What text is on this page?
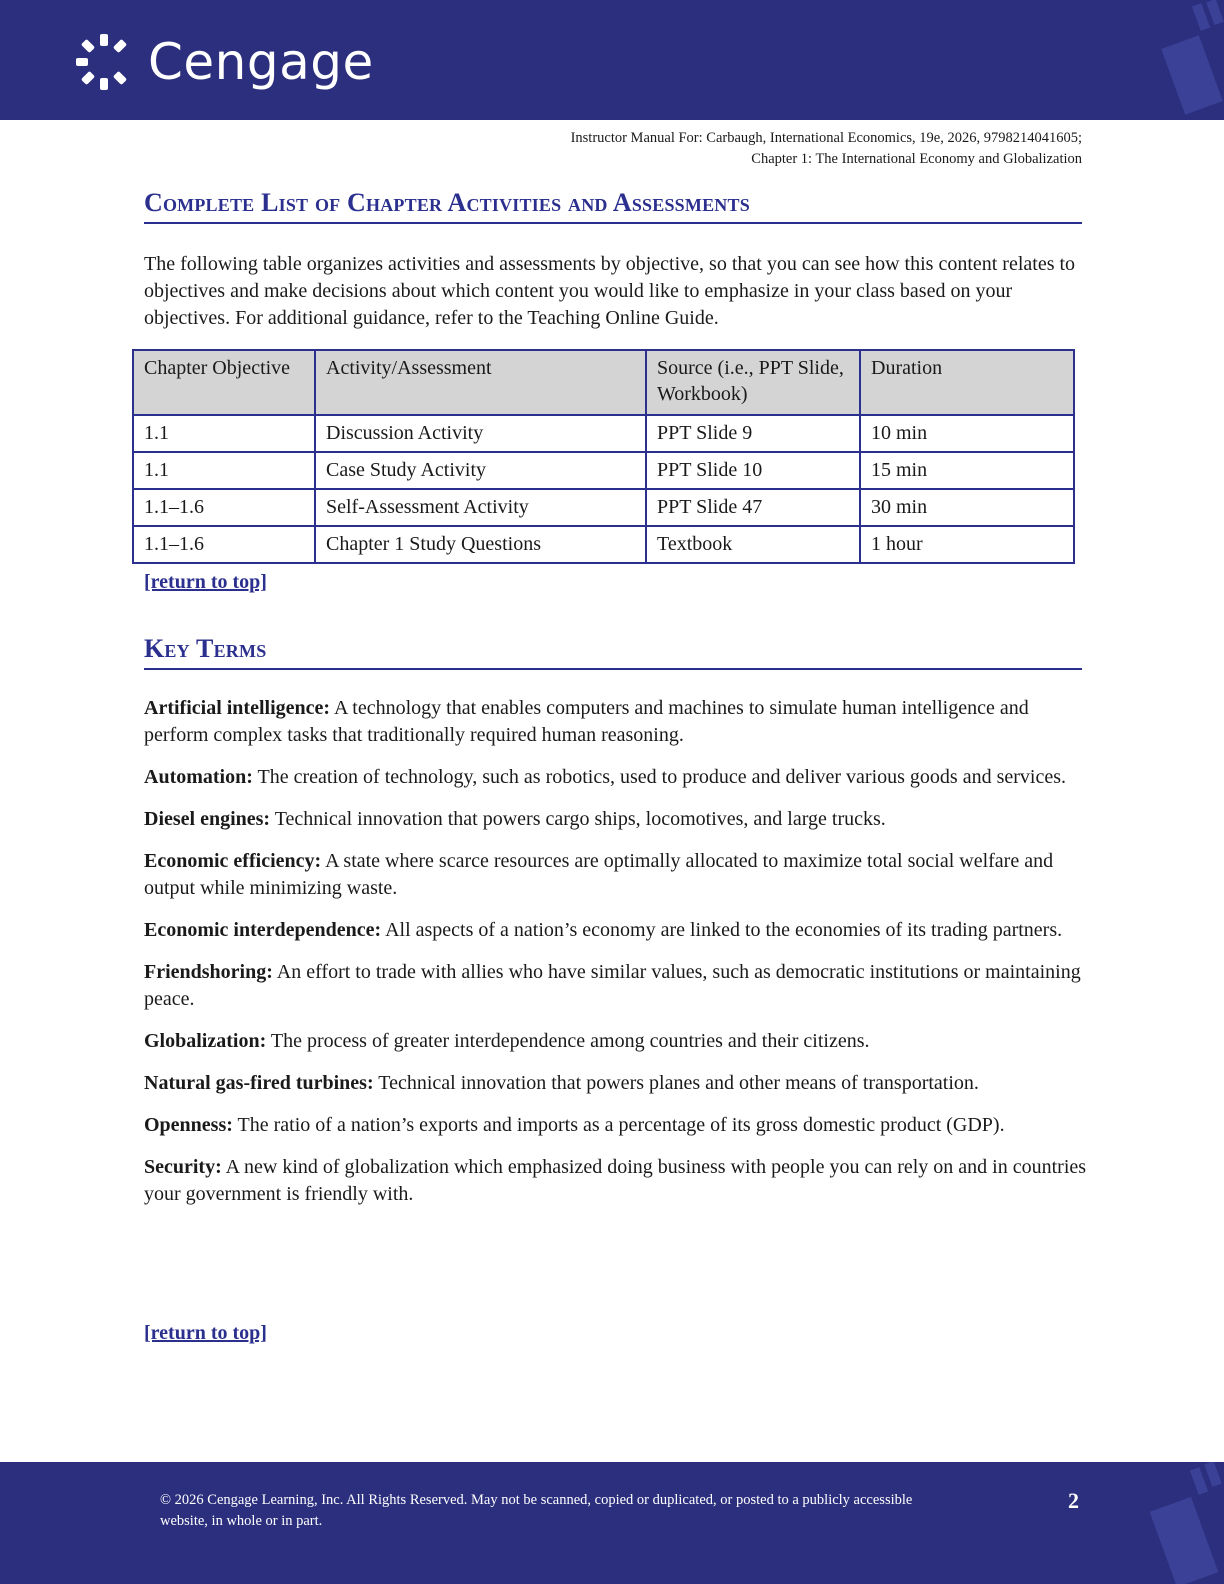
Cengage
Instructor Manual For: Carbaugh, International Economics, 19e, 2026, 9798214041605;
Chapter 1: The International Economy and Globalization
Complete List of Chapter Activities and Assessments
The following table organizes activities and assessments by objective, so that you can see how this content relates to objectives and make decisions about which content you would like to emphasize in your class based on your objectives. For additional guidance, refer to the Teaching Online Guide.
Chapter Objective	Activity/Assessment	Source (i.e., PPT Slide, Workbook)	Duration
1.1	Discussion Activity	PPT Slide 9	10 min
1.1	Case Study Activity	PPT Slide 10	15 min
1.1–1.6	Self-Assessment Activity	PPT Slide 47	30 min
1.1–1.6	Chapter 1 Study Questions	Textbook	1 hour
[return to top]
Key Terms

Artificial intelligence: A technology that enables computers and machines to simulate human intelligence and perform complex tasks that traditionally required human reasoning.

Automation: The creation of technology, such as robotics, used to produce and deliver various goods and services.

Diesel engines: Technical innovation that powers cargo ships, locomotives, and large trucks.

Economic efficiency: A state where scarce resources are optimally allocated to maximize total social welfare and output while minimizing waste.

Economic interdependence: All aspects of a nation’s economy are linked to the economies of its trading partners.

Friendshoring: An effort to trade with allies who have similar values, such as democratic institutions or maintaining peace.

Globalization: The process of greater interdependence among countries and their citizens.

Natural gas-fired turbines: Technical innovation that powers planes and other means of transportation.

Openness: The ratio of a nation’s exports and imports as a percentage of its gross domestic product (GDP).

Security: A new kind of globalization which emphasized doing business with people you can rely on and in countries your government is friendly with.

[return to top]
© 2026 Cengage Learning, Inc. All Rights Reserved. May not be scanned, copied or duplicated, or posted to a publicly accessible website, in whole or in part.
2
